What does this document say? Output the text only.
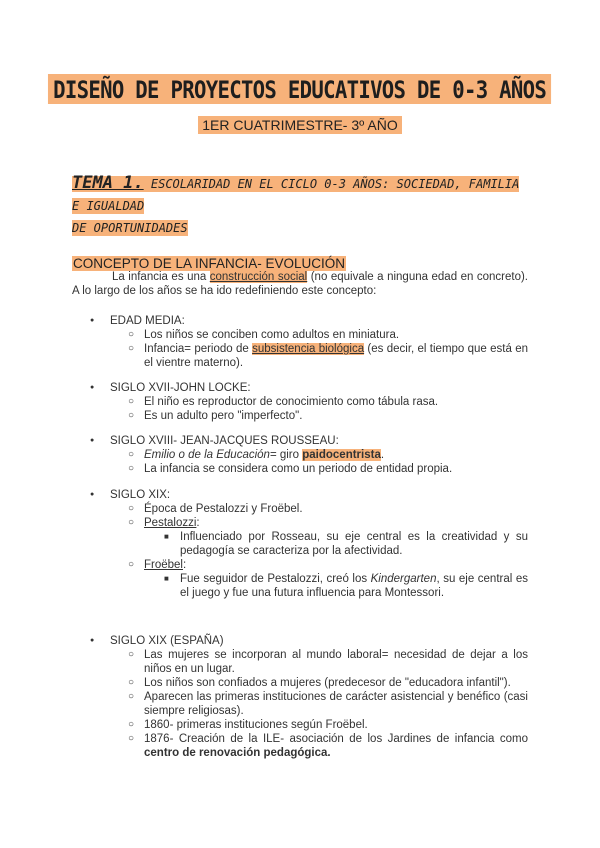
DISEÑO DE PROYECTOS EDUCATIVOS DE 0-3 AÑOS
1ER CUATRIMESTRE- 3º AÑO
TEMA 1. ESCOLARIDAD EN EL CICLO 0-3 AÑOS: SOCIEDAD, FAMILIA E IGUALDAD
DE OPORTUNIDADES
CONCEPTO DE LA INFANCIA- EVOLUCIÓN
La infancia es una construcción social (no equivale a ninguna edad en concreto). A lo largo de los años se ha ido redefiniendo este concepto:
● EDAD MEDIA:
○ Los niños se conciben como adultos en miniatura.
○ Infancia= periodo de subsistencia biológica (es decir, el tiempo que está en el vientre materno).
● SIGLO XVII-JOHN LOCKE:
○ El niño es reproductor de conocimiento como tábula rasa.
○ Es un adulto pero "imperfecto".
● SIGLO XVIII- JEAN-JACQUES ROUSSEAU:
○ Emilio o de la Educación= giro paidocentrista.
○ La infancia se considera como un periodo de entidad propia.
● SIGLO XIX:
○ Época de Pestalozzi y Froëbel.
○ Pestalozzi:
■ Influenciado por Rosseau, su eje central es la creatividad y su pedagogía se caracteriza por la afectividad.
○ Froëbel:
■ Fue seguidor de Pestalozzi, creó los Kindergarten, su eje central es el juego y fue una futura influencia para Montessori.
● SIGLO XIX (ESPAÑA)
○ Las mujeres se incorporan al mundo laboral= necesidad de dejar a los niños en un lugar.
○ Los niños son confiados a mujeres (predecesor de "educadora infantil").
○ Aparecen las primeras instituciones de carácter asistencial y benéfico (casi siempre religiosas).
○ 1860- primeras instituciones según Froëbel.
○ 1876- Creación de la ILE- asociación de los Jardines de infancia como centro de renovación pedagógica.
